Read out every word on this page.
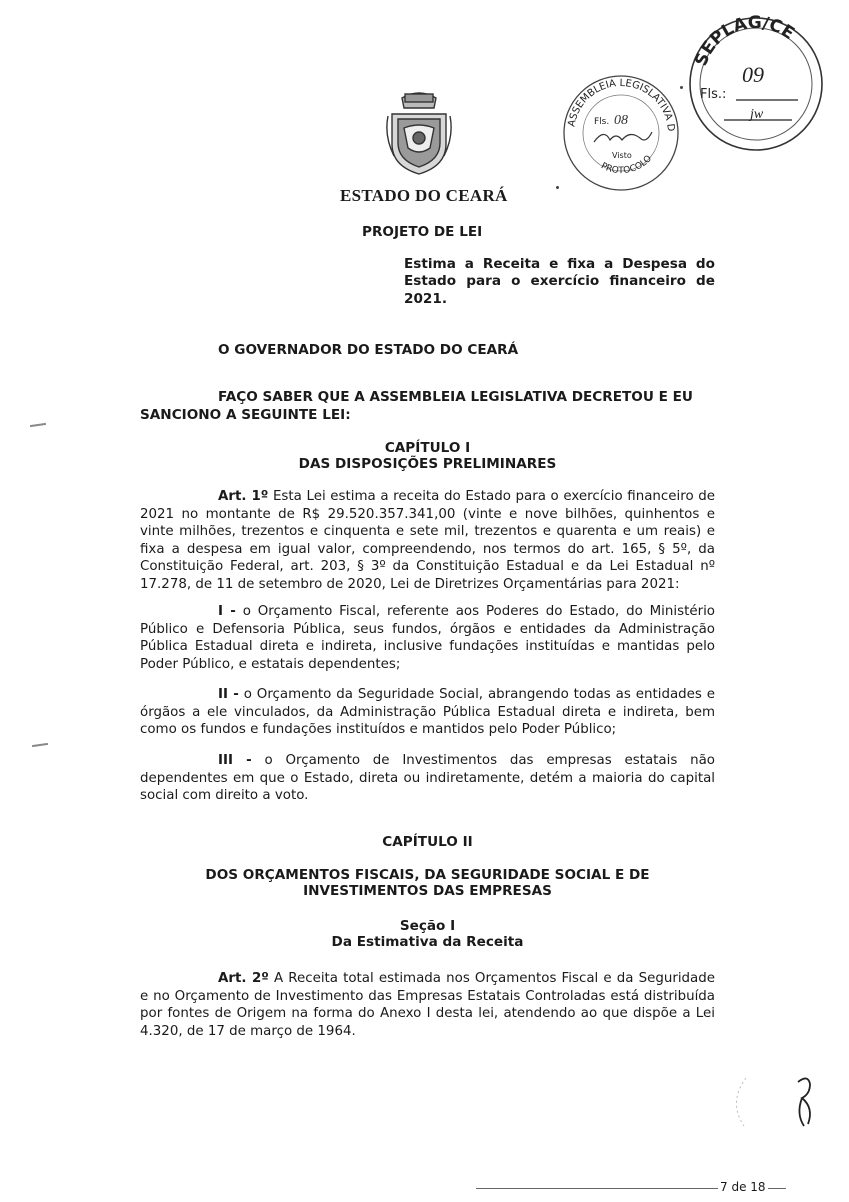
ASSEMBLEIA LEGISLATIVA D
PROTOCOLO
Fls. 08
Visto
SEPLAG/CE
Fls.:
09
jw
ESTADO DO CEARÁ
PROJETO DE LEI
Estima a Receita e fixa a Despesa do Estado para o exercício financeiro de 2021.
O GOVERNADOR DO ESTADO DO CEARÁ
FAÇO SABER QUE A ASSEMBLEIA LEGISLATIVA DECRETOU E EU
SANCIONO A SEGUINTE LEI:

CAPÍTULO I

DAS DISPOSIÇÕES PRELIMINARES

Art. 1º Esta Lei estima a receita do Estado para o exercício financeiro de 2021 no montante de R$ 29.520.357.341,00 (vinte e nove bilhões, quinhentos e vinte milhões, trezentos e cinquenta e sete mil, trezentos e quarenta e um reais) e fixa a despesa em igual valor, compreendendo, nos termos do art. 165, § 5º, da Constituição Federal, art. 203, § 3º da Constituição Estadual e da Lei Estadual nº 17.278, de 11 de setembro de 2020, Lei de Diretrizes Orçamentárias para 2021:

I - o Orçamento Fiscal, referente aos Poderes do Estado, do Ministério Público e Defensoria Pública, seus fundos, órgãos e entidades da Administração Pública Estadual direta e indireta, inclusive fundações instituídas e mantidas pelo Poder Público, e estatais dependentes;

II - o Orçamento da Seguridade Social, abrangendo todas as entidades e órgãos a ele vinculados, da Administração Pública Estadual direta e indireta, bem como os fundos e fundações instituídos e mantidos pelo Poder Público;

III - o Orçamento de Investimentos das empresas estatais não dependentes em que o Estado, direta ou indiretamente, detém a maioria do capital social com direito a voto.

CAPÍTULO II

DOS ORÇAMENTOS FISCAIS, DA SEGURIDADE SOCIAL E DE

INVESTIMENTOS DAS EMPRESAS

Seção I

Da Estimativa da Receita

Art. 2º A Receita total estimada nos Orçamentos Fiscal e da Seguridade e no Orçamento de Investimento das Empresas Estatais Controladas está distribuída por fontes de Origem na forma do Anexo I desta lei, atendendo ao que dispõe a Lei 4.320, de 17 de março de 1964.

7 de 18
